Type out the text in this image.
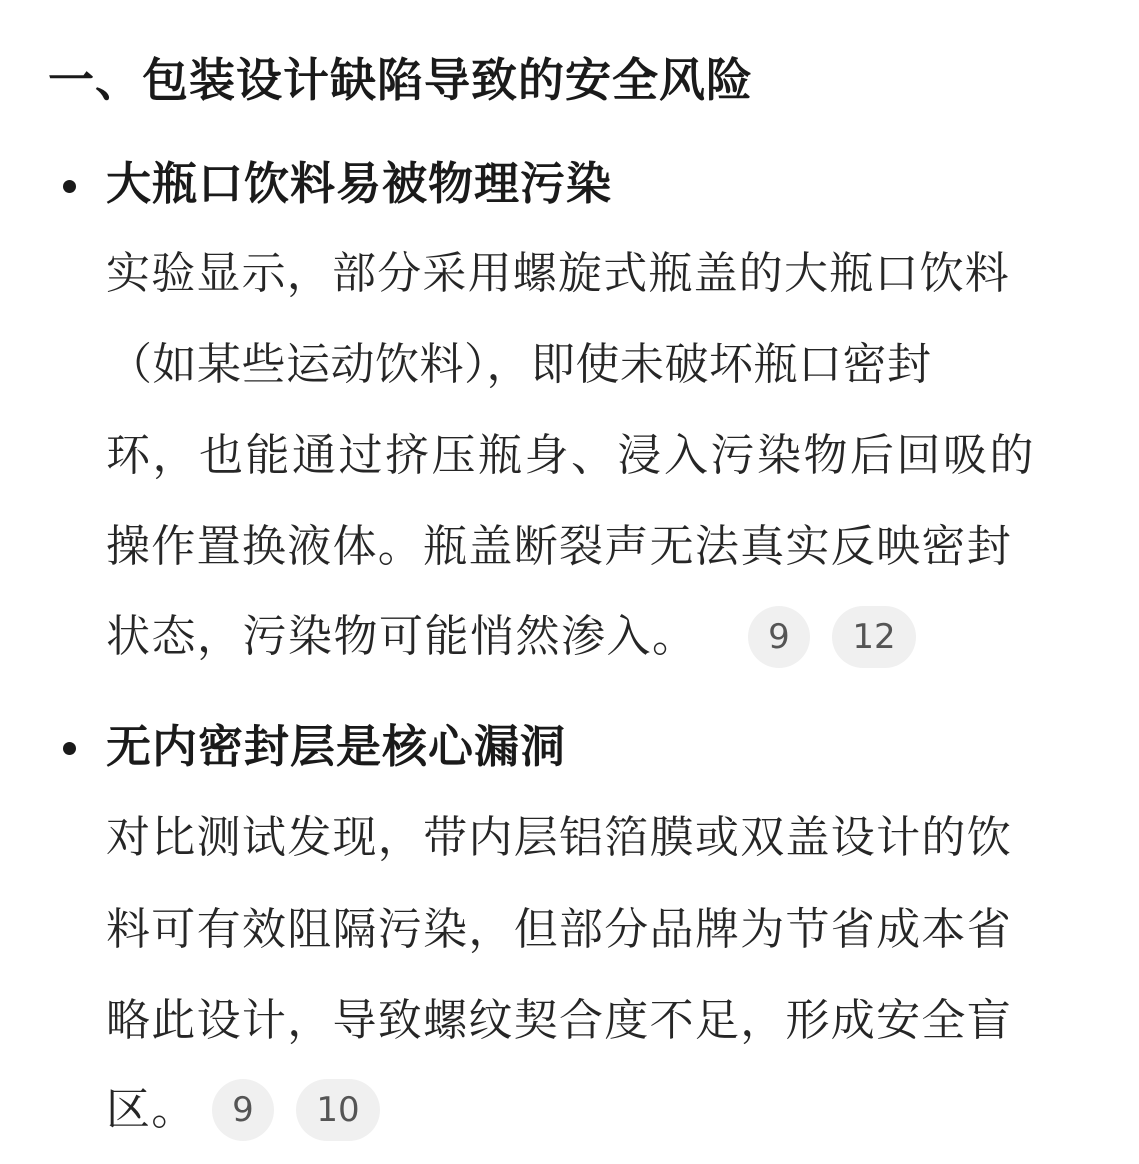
一、包装设计缺陷导致的安全风险
大瓶口饮料易被物理污染

实验显示，部分采用螺旋式瓶盖的大瓶口饮料

（如某些运动饮料），即使未破坏瓶口密封

环，也能通过挤压瓶身、浸入污染物后回吸的

操作置换液体。瓶盖断裂声无法真实反映密封

状态，污染物可能悄然渗入。	9	12
无内密封层是核心漏洞

对比测试发现，带内层铝箔膜或双盖设计的饮

料可有效阻隔污染，但部分品牌为节省成本省

略此设计，导致螺纹契合度不足，形成安全盲

区。	9	10
